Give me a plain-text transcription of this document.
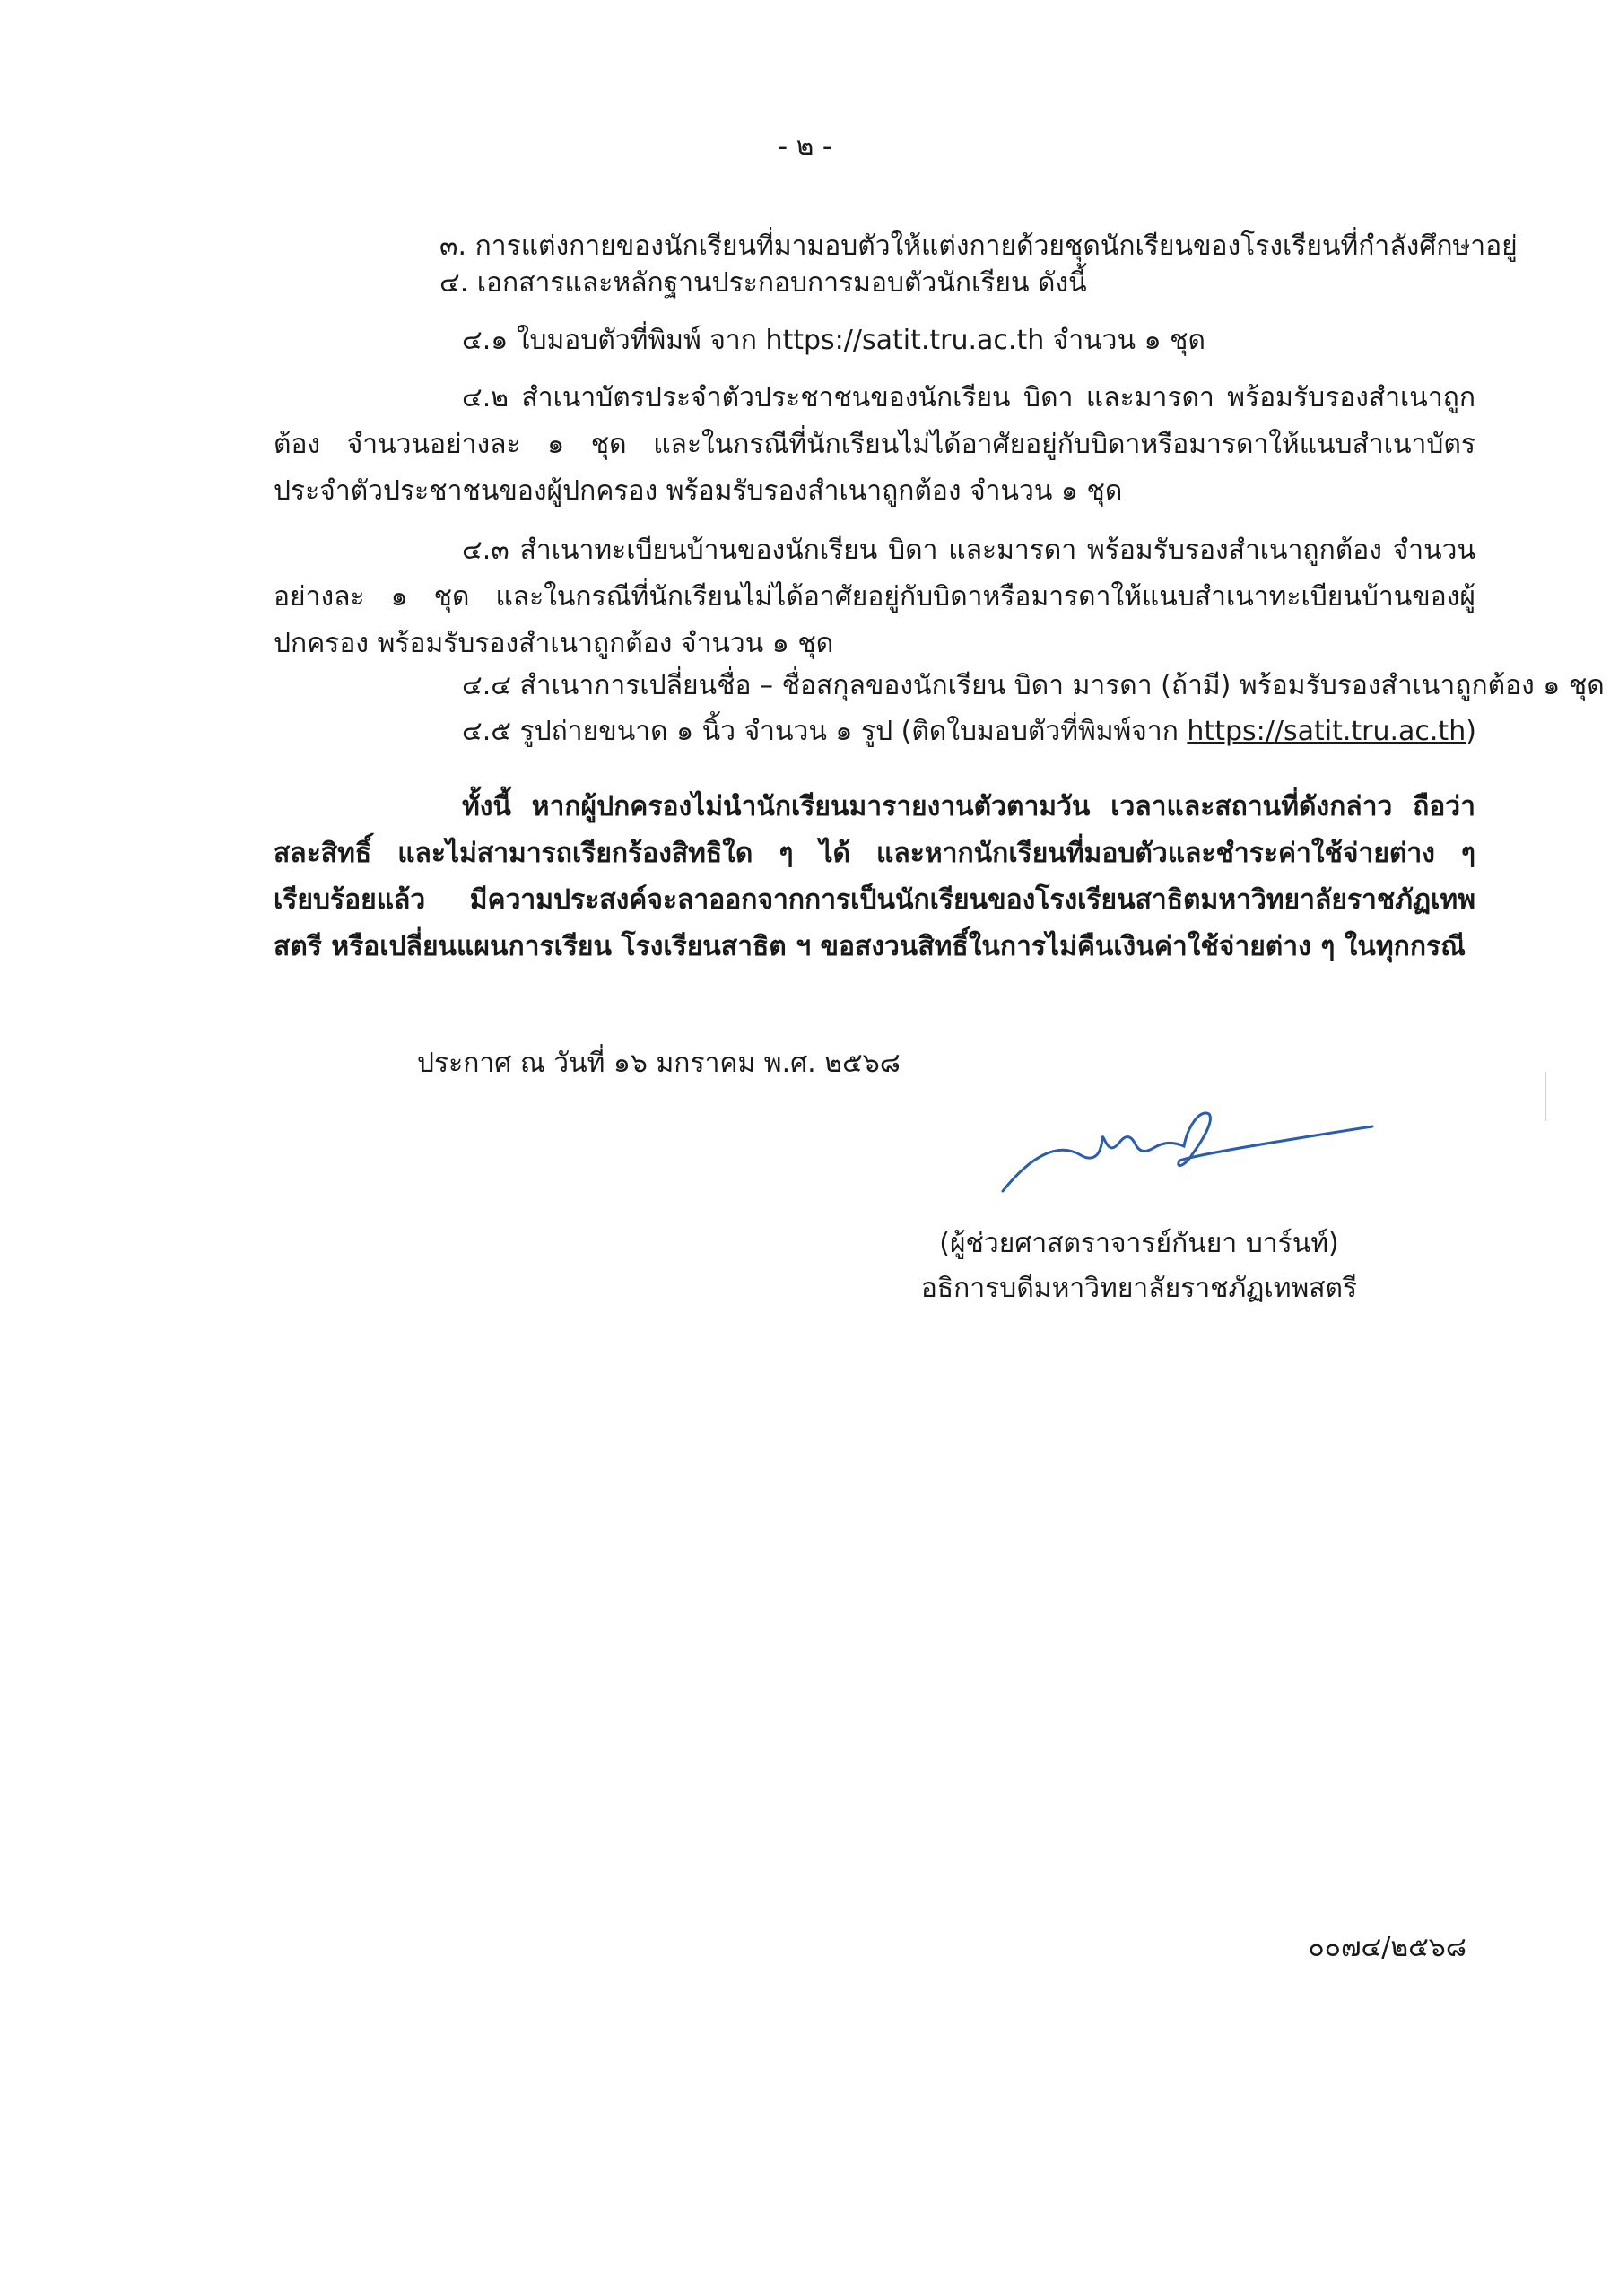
- ๒ -
๓. การแต่งกายของนักเรียนที่มามอบตัวให้แต่งกายด้วยชุดนักเรียนของโรงเรียนที่กำลังศึกษาอยู่
๔. เอกสารและหลักฐานประกอบการมอบตัวนักเรียน ดังนี้
๔.๑ ใบมอบตัวที่พิมพ์ จาก https://satit.tru.ac.th จำนวน ๑ ชุด
๔.๒ สำเนาบัตรประจำตัวประชาชนของนักเรียน บิดา และมารดา พร้อมรับรองสำเนาถูกต้อง จำนวนอย่างละ ๑ ชุด และในกรณีที่นักเรียนไม่ได้อาศัยอยู่กับบิดาหรือมารดาให้แนบสำเนาบัตรประจำตัวประชาชนของผู้ปกครอง พร้อมรับรองสำเนาถูกต้อง จำนวน ๑ ชุด
๔.๓ สำเนาทะเบียนบ้านของนักเรียน บิดา และมารดา พร้อมรับรองสำเนาถูกต้อง จำนวนอย่างละ ๑ ชุด และในกรณีที่นักเรียนไม่ได้อาศัยอยู่กับบิดาหรือมารดาให้แนบสำเนาทะเบียนบ้านของผู้ปกครอง พร้อมรับรองสำเนาถูกต้อง จำนวน ๑ ชุด
๔.๔ สำเนาการเปลี่ยนชื่อ – ชื่อสกุลของนักเรียน บิดา มารดา (ถ้ามี) พร้อมรับรองสำเนาถูกต้อง ๑ ชุด
๔.๕ รูปถ่ายขนาด ๑ นิ้ว จำนวน ๑ รูป (ติดใบมอบตัวที่พิมพ์จาก https://satit.tru.ac.th)
ทั้งนี้ หากผู้ปกครองไม่นำนักเรียนมารายงานตัวตามวัน เวลาและสถานที่ดังกล่าว ถือว่าสละสิทธิ์ และไม่สามารถเรียกร้องสิทธิใด ๆ ได้ และหากนักเรียนที่มอบตัวและชำระค่าใช้จ่ายต่าง ๆ เรียบร้อยแล้ว มีความประสงค์จะลาออกจากการเป็นนักเรียนของโรงเรียนสาธิตมหาวิทยาลัยราชภัฏเทพสตรี หรือเปลี่ยนแผนการเรียน โรงเรียนสาธิต ฯ ขอสงวนสิทธิ์ในการไม่คืนเงินค่าใช้จ่ายต่าง ๆ ในทุกกรณี
ประกาศ ณ วันที่ ๑๖ มกราคม พ.ศ. ๒๕๖๘
(ผู้ช่วยศาสตราจารย์กันยา บาร์นท์)
อธิการบดีมหาวิทยาลัยราชภัฏเทพสตรี
๐๐๗๔/๒๕๖๘
